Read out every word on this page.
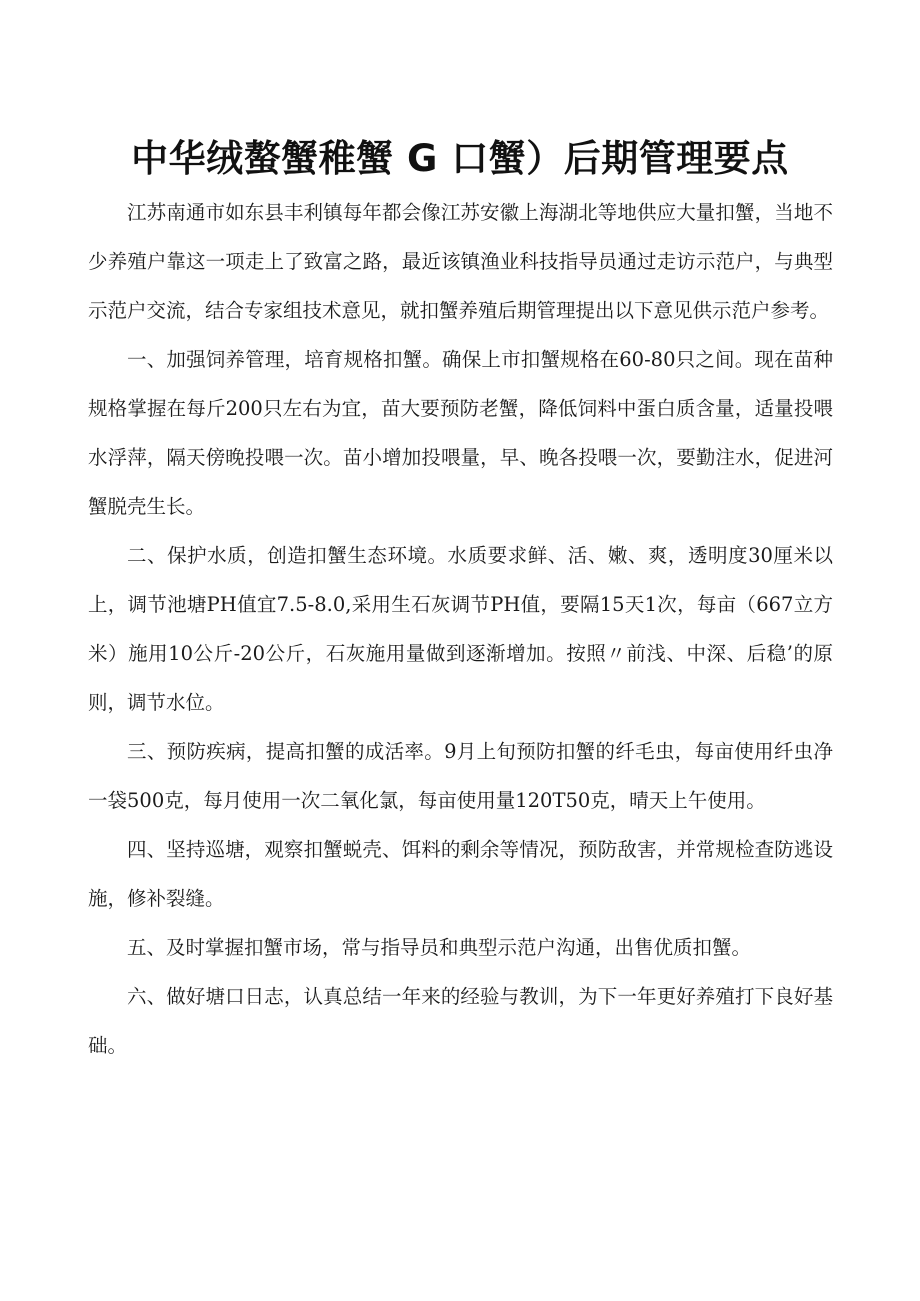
中华绒螯蟹稚蟹 G 口蟹）后期管理要点

江苏南通市如东县丰利镇每年都会像江苏安徽上海湖北等地供应大量扣蟹，当地不少养殖户靠这一项走上了致富之路，最近该镇渔业科技指导员通过走访示范户，与典型示范户交流，结合专家组技术意见，就扣蟹养殖后期管理提出以下意见供示范户参考。

一、加强饲养管理，培育规格扣蟹。确保上市扣蟹规格在60-80只之间。现在苗种规格掌握在每斤200只左右为宜，苗大要预防老蟹，降低饲料中蛋白质含量，适量投喂水浮萍，隔天傍晚投喂一次。苗小增加投喂量，早、晚各投喂一次，要勤注水，促进河蟹脱壳生长。

二、保护水质，创造扣蟹生态环境。水质要求鲜、活、嫩、爽，透明度30厘米以上，调节池塘PH值宜7.5-8.0,采用生石灰调节PH值，要隔15天1次，每亩（667立方米）施用10公斤-20公斤，石灰施用量做到逐渐增加。按照〃前浅、中深、后稳’的原则，调节水位。

三、预防疾病，提高扣蟹的成活率。9月上旬预防扣蟹的纤毛虫，每亩使用纤虫净一袋500克，每月使用一次二氧化氯，每亩使用量120T50克，晴天上午使用。

四、坚持巡塘，观察扣蟹蜕壳、饵料的剩余等情况，预防敌害，并常规检查防逃设施，修补裂缝。

五、及时掌握扣蟹市场，常与指导员和典型示范户沟通，出售优质扣蟹。

六、做好塘口日志，认真总结一年来的经验与教训，为下一年更好养殖打下良好基础。
